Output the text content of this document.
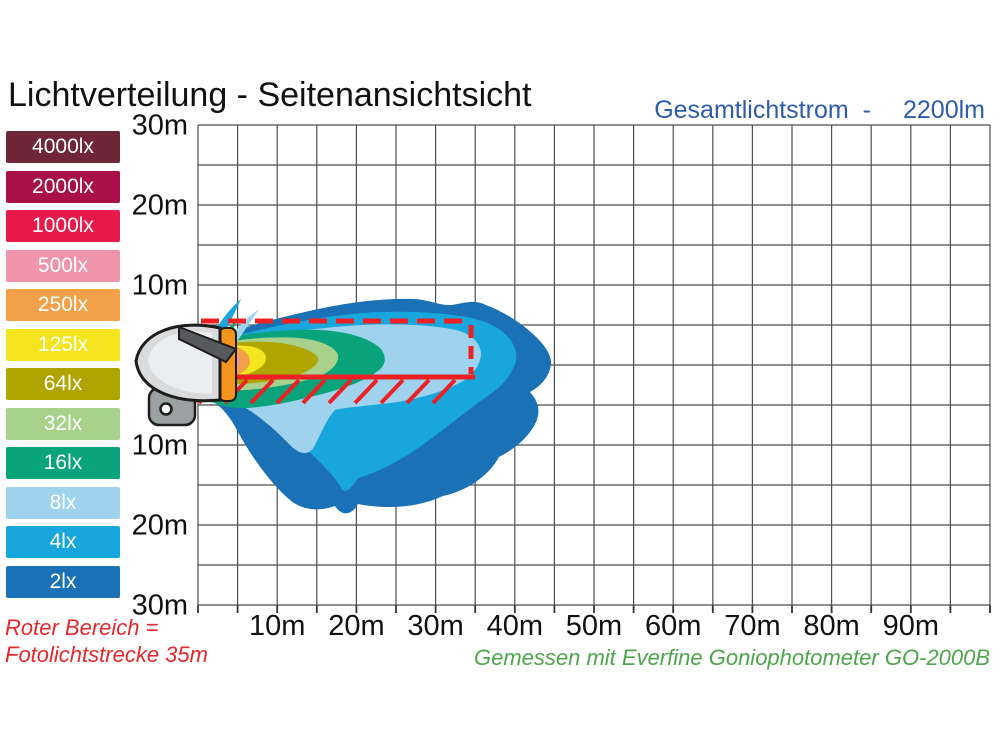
Lichtverteilung - Seitenansichtsicht	Gesamtlichtstrom - 2200lm
4000lx
2000lx
1000lx
500lx
250lx
125lx
64lx
32lx
16lx
8lx
4lx
2lx
30m
20m
10m
10m
20m
30m
10m 20m 30m 40m 50m 60m 70m 80m 90m
Roter Bereich =
Fotolichtstrecke 35m	Gemessen mit Everfine Goniophotometer GO-2000B
